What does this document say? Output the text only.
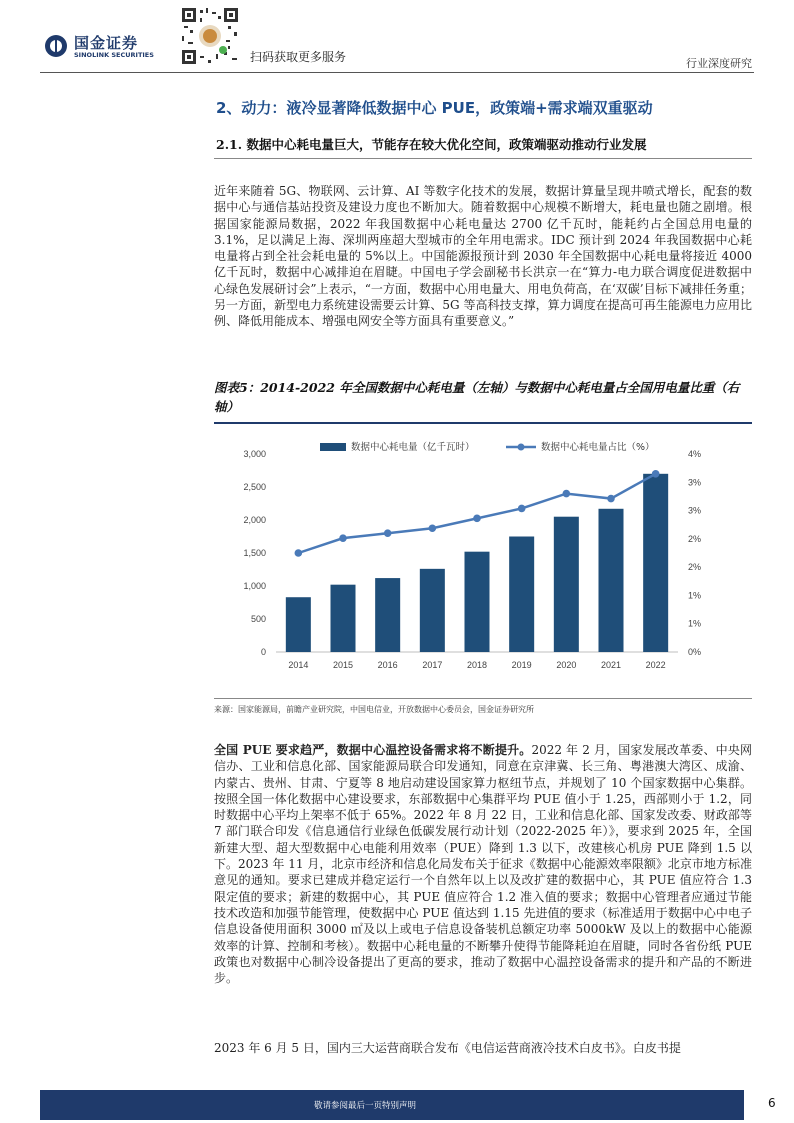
国金证券
SINOLINK SECURITIES	扫码获取更多服务	行业深度研究
2、动力：液冷显著降低数据中心 PUE，政策端+需求端双重驱动
2.1. 数据中心耗电量巨大，节能存在较大优化空间，政策端驱动推动行业发展
近年来随着 5G、物联网、云计算、AI 等数字化技术的发展，数据计算量呈现井喷式增长，配套的数据中心与通信基站投资及建设力度也不断加大。随着数据中心规模不断增大，耗电量也随之剧增。根据国家能源局数据，2022 年我国数据中心耗电量达 2700 亿千瓦时，能耗约占全国总用电量的 3.1%，足以满足上海、深圳两座超大型城市的全年用电需求。IDC 预计到 2024 年我国数据中心耗电量将占到全社会耗电量的 5%以上。中国能源报预计到 2030 年全国数据中心耗电量将接近 4000 亿千瓦时，数据中心减排迫在眉睫。中国电子学会副秘书长洪京一在“算力-电力联合调度促进数据中心绿色发展研讨会”上表示，“一方面，数据中心用电量大、用电负荷高，在‘双碳’目标下减排任务重；另一方面，新型电力系统建设需要云计算、5G 等高科技支撑，算力调度在提高可再生能源电力应用比例、降低用能成本、增强电网安全等方面具有重要意义。”
图表5：2014-2022 年全国数据中心耗电量（左轴）与数据中心耗电量占全国用电量比重（右轴）
0
500
1,000
1,500
2,000
2,500
3,000
0%
1%
1%
2%
2%
3%
3%
4%
2014	2015	2016	2017	2018	2019	2020	2021	2022
数据中心耗电量（亿千瓦时）	数据中心耗电量占比（%）
来源：国家能源局，前瞻产业研究院，中国电信业，开放数据中心委员会，国金证券研究所
全国 PUE 要求趋严，数据中心温控设备需求将不断提升。2022 年 2 月，国家发展改革委、中央网信办、工业和信息化部、国家能源局联合印发通知，同意在京津冀、长三角、粤港澳大湾区、成渝、内蒙古、贵州、甘肃、宁夏等 8 地启动建设国家算力枢纽节点，并规划了 10 个国家数据中心集群。按照全国一体化数据中心建设要求，东部数据中心集群平均 PUE 值小于 1.25，西部则小于 1.2，同时数据中心平均上架率不低于 65%。2022 年 8 月 22 日，工业和信息化部、国家发改委、财政部等 7 部门联合印发《信息通信行业绿色低碳发展行动计划（2022-2025 年）》，要求到 2025 年，全国新建大型、超大型数据中心电能利用效率（PUE）降到 1.3 以下，改建核心机房 PUE 降到 1.5 以下。2023 年 11 月，北京市经济和信息化局发布关于征求《数据中心能源效率限额》北京市地方标准意见的通知。要求已建成并稳定运行一个自然年以上以及改扩建的数据中心，其 PUE 值应符合 1.3 限定值的要求；新建的数据中心，其 PUE 值应符合 1.2 准入值的要求；数据中心管理者应通过节能技术改造和加强节能管理，使数据中心 PUE 值达到 1.15 先进值的要求（标准适用于数据中心中电子信息设备使用面积 3000 ㎡及以上或电子信息设备装机总额定功率 5000kW 及以上的数据中心能源效率的计算、控制和考核）。数据中心耗电量的不断攀升使得节能降耗迫在眉睫，同时各省份纸 PUE 政策也对数据中心制冷设备提出了更高的要求，推动了数据中心温控设备需求的提升和产品的不断进步。
2023 年 6 月 5 日，国内三大运营商联合发布《电信运营商液冷技术白皮书》。白皮书提
敬请参阅最后一页特别声明	6
